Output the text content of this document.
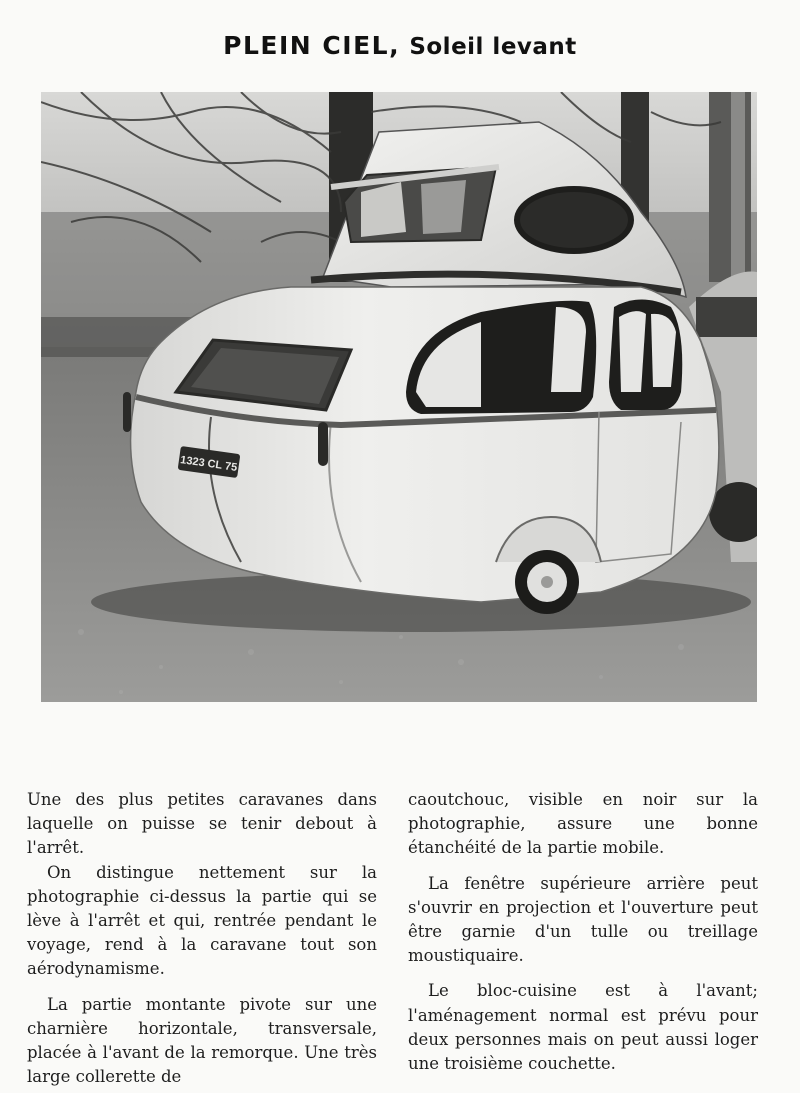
PLEIN CIEL, Soleil levant
1323 CL 75

Une des plus petites caravanes dans laquelle on puisse se tenir debout à l'arrêt.

On distingue nettement sur la photographie ci-dessus la partie qui se lève à l'arrêt et qui, rentrée pendant le voyage, rend à la caravane tout son aérodynamisme.

La partie montante pivote sur une charnière horizontale, transversale, placée à l'avant de la remorque. Une très large collerette de

caoutchouc, visible en noir sur la photographie, assure une bonne étanchéité de la partie mobile.

La fenêtre supérieure arrière peut s'ouvrir en projection et l'ouverture peut être garnie d'un tulle ou treillage moustiquaire.

Le bloc-cuisine est à l'avant; l'aménagement normal est prévu pour deux personnes mais on peut aussi loger une troisième couchette.
